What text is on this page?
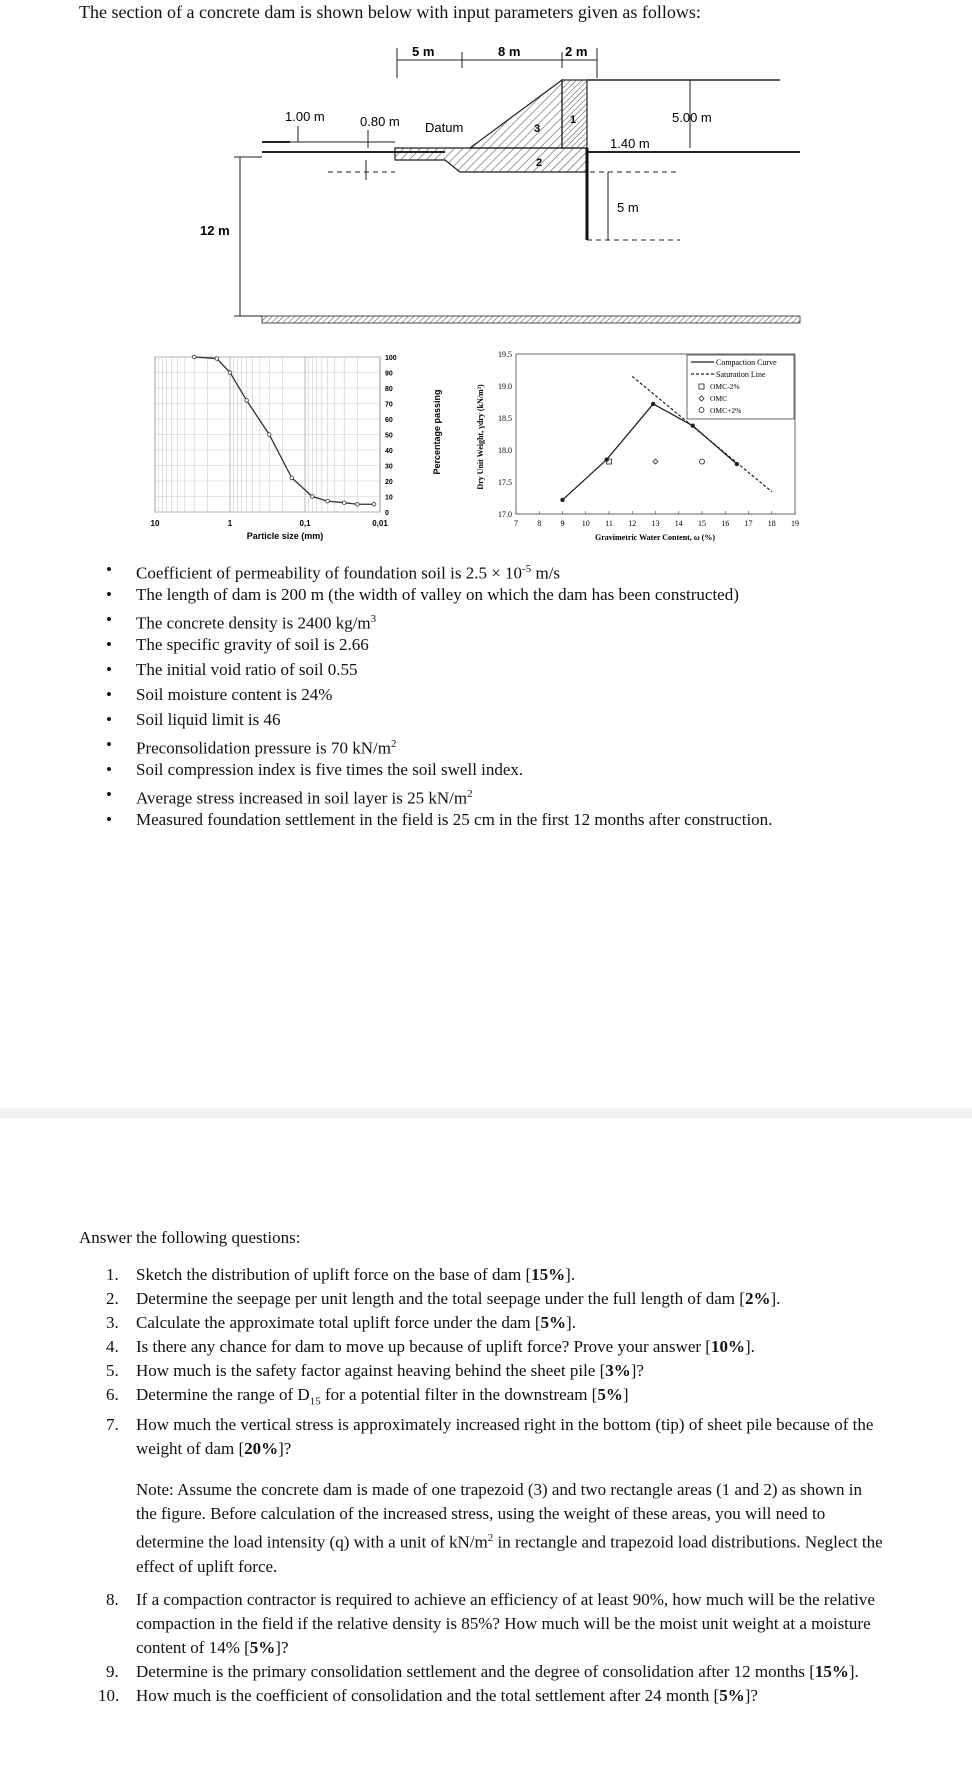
The section of a concrete dam is shown below with input parameters given as follows:
5 m	8 m	2 m
1
2
3
1.00 m	0.80 m Datum
5.00 m
1.40 m
5 m
12 m
10	1	0,1	0,01
100
90
80
70
60
50
40
30
20
10
0
Particle size (mm)
Percentage passing
7 8 9 10 11 12 13 14 15 16 17 18 19
19.5
19.0
18.5
18.0
17.5
17.0
Gravimetric Water Content, ω (%)
Dry Unit Weight, γdry (kN/m³)
Compaction Curve
Saturation Line
OMC-2%
OMC
OMC+2%
• Coefficient of permeability of foundation soil is $2.5 \times 10^{-5}$ m/s
• The length of dam is 200 m (the width of valley on which the dam has been constructed)
• The concrete density is 2400 $kg/m^3$
• The specific gravity of soil is 2.66
• The initial void ratio of soil 0.55
• Soil moisture content is 24%
• Soil liquid limit is 46
• Preconsolidation pressure is 70 $kN/m^2$
• Soil compression index is five times the soil swell index.
• Average stress increased in soil layer is 25 $kN/m^2$
• Measured foundation settlement in the field is 25 cm in the first 12 months after construction.
Answer the following questions:
1. Sketch the distribution of uplift force on the base of dam [15%].
2. Determine the seepage per unit length and the total seepage under the full length of dam [2%].
3. Calculate the approximate total uplift force under the dam [5%].
4. Is there any chance for dam to move up because of uplift force? Prove your answer [10%].
5. How much is the safety factor against heaving behind the sheet pile [3%]?
6. Determine the range of $D_{15}$ for a potential filter in the downstream [5%]
7. How much the vertical stress is approximately increased right in the bottom (tip) of sheet pile because of the weight of dam [20%]?
Note: Assume the concrete dam is made of one trapezoid (3) and two rectangle areas (1 and 2) as shown in the figure. Before calculation of the increased stress, using the weight of these areas, you will need to determine the load intensity (q) with a unit of $kN/m^2$ in rectangle and trapezoid load distributions. Neglect the effect of uplift force.
8. If a compaction contractor is required to achieve an efficiency of at least 90%, how much will be the relative compaction in the field if the relative density is 85%? How much will be the moist unit weight at a moisture content of 14% [5%]?
9. Determine is the primary consolidation settlement and the degree of consolidation after 12 months [15%].
10. How much is the coefficient of consolidation and the total settlement after 24 month [5%]?
